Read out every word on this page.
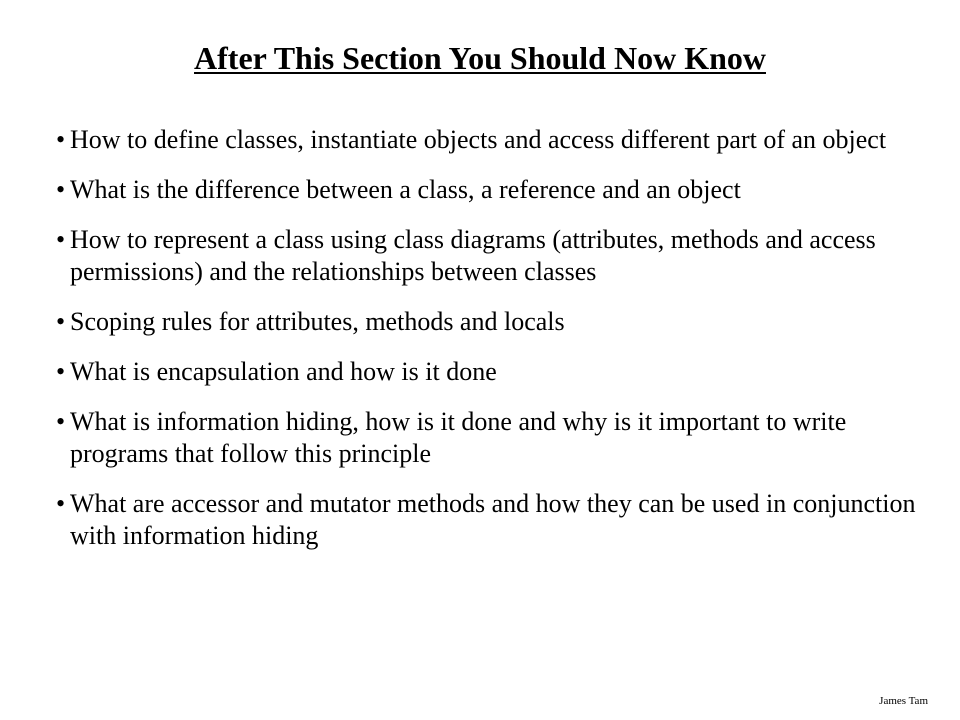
After This Section You Should Now Know
• How to define classes, instantiate objects and access different part of an object
• What is the difference between a class, a reference and an object
• How to represent a class using class diagrams (attributes, methods and access permissions) and the relationships between classes
• Scoping rules for attributes, methods and locals
• What is encapsulation and how is it done
• What is information hiding, how is it done and why is it important to write programs that follow this principle
• What are accessor and mutator methods and how they can be used in conjunction with information hiding
James Tam
